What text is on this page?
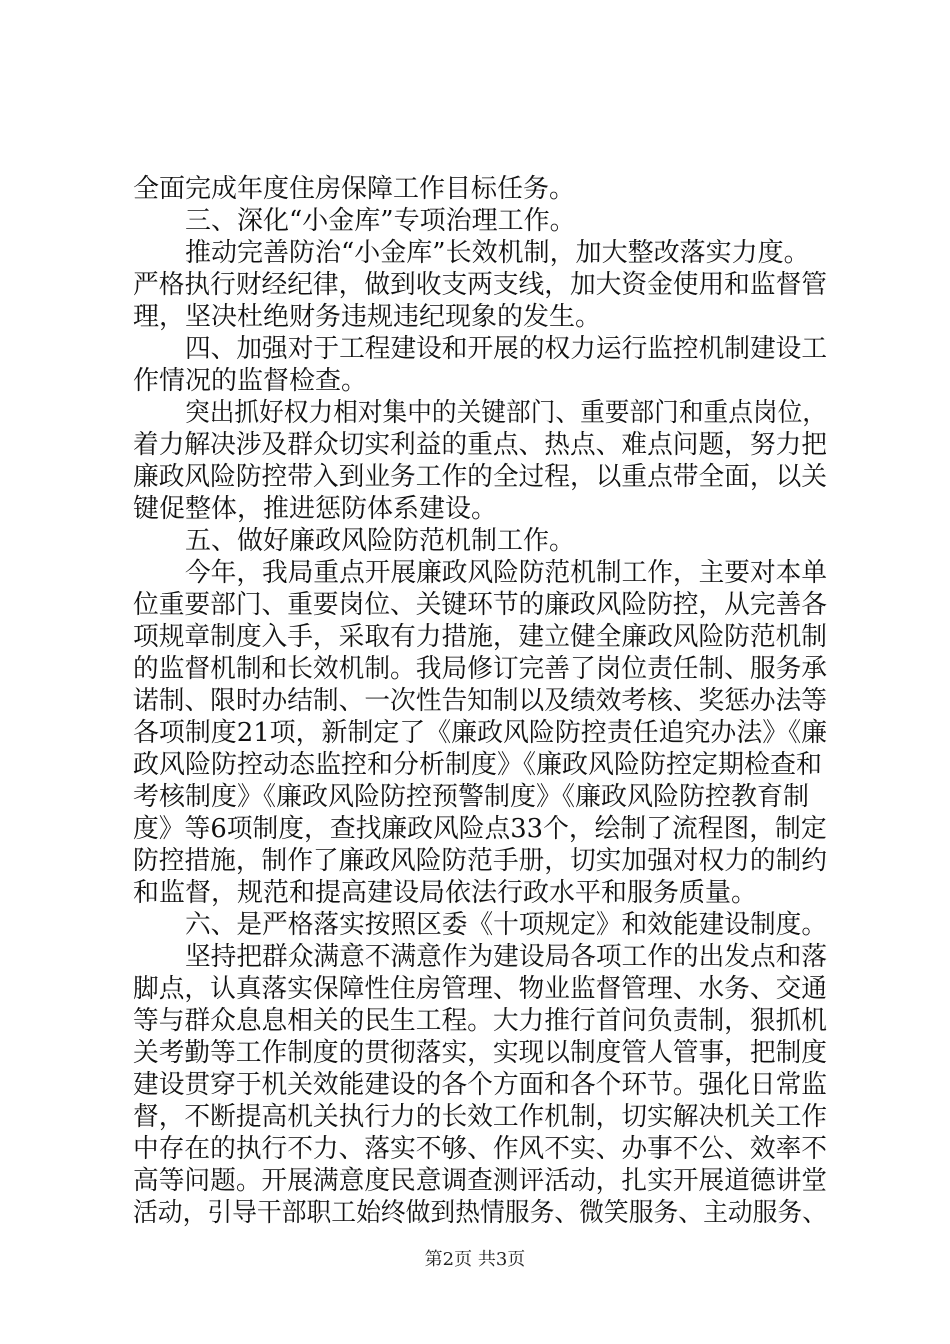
全面完成年度住房保障工作目标任务。
三、深化“小金库”专项治理工作。
推动完善防治“小金库”长效机制，加大整改落实力度。
严格执行财经纪律，做到收支两支线，加大资金使用和监督管
理，坚决杜绝财务违规违纪现象的发生。
四、加强对于工程建设和开展的权力运行监控机制建设工
作情况的监督检查。
突出抓好权力相对集中的关键部门、重要部门和重点岗位，
着力解决涉及群众切实利益的重点、热点、难点问题，努力把
廉政风险防控带入到业务工作的全过程，以重点带全面，以关
键促整体，推进惩防体系建设。
五、做好廉政风险防范机制工作。
今年，我局重点开展廉政风险防范机制工作，主要对本单
位重要部门、重要岗位、关键环节的廉政风险防控，从完善各
项规章制度入手，采取有力措施，建立健全廉政风险防范机制
的监督机制和长效机制。我局修订完善了岗位责任制、服务承
诺制、限时办结制、一次性告知制以及绩效考核、奖惩办法等
各项制度21项，新制定了《廉政风险防控责任追究办法》《廉
政风险防控动态监控和分析制度》《廉政风险防控定期检查和
考核制度》《廉政风险防控预警制度》《廉政风险防控教育制
度》等6项制度，查找廉政风险点33个，绘制了流程图，制定
防控措施，制作了廉政风险防范手册，切实加强对权力的制约
和监督，规范和提高建设局依法行政水平和服务质量。
六、是严格落实按照区委《十项规定》和效能建设制度。
坚持把群众满意不满意作为建设局各项工作的出发点和落
脚点，认真落实保障性住房管理、物业监督管理、水务、交通
等与群众息息相关的民生工程。大力推行首问负责制，狠抓机
关考勤等工作制度的贯彻落实，实现以制度管人管事，把制度
建设贯穿于机关效能建设的各个方面和各个环节。强化日常监
督，不断提高机关执行力的长效工作机制，切实解决机关工作
中存在的执行不力、落实不够、作风不实、办事不公、效率不
高等问题。开展满意度民意调查测评活动，扎实开展道德讲堂
活动，引导干部职工始终做到热情服务、微笑服务、主动服务、
第2页 共3页
